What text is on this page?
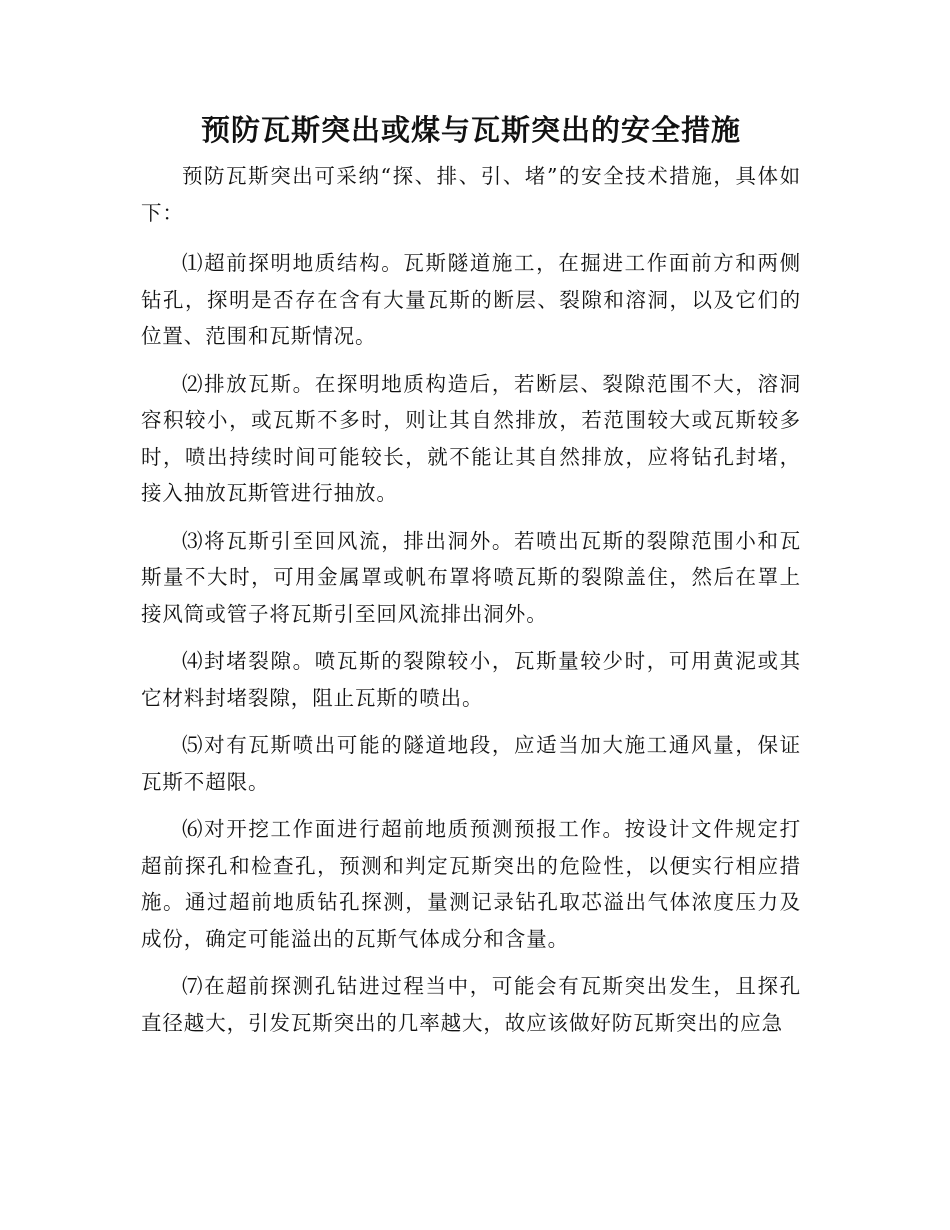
预防瓦斯突出或煤与瓦斯突出的安全措施

预防瓦斯突出可采纳“探、排、引、堵”的安全技术措施，具体如下：

⑴超前探明地质结构。瓦斯隧道施工，在掘进工作面前方和两侧钻孔，探明是否存在含有大量瓦斯的断层、裂隙和溶洞，以及它们的位置、范围和瓦斯情况。

⑵排放瓦斯。在探明地质构造后，若断层、裂隙范围不大，溶洞容积较小，或瓦斯不多时，则让其自然排放，若范围较大或瓦斯较多时，喷出持续时间可能较长，就不能让其自然排放，应将钻孔封堵，接入抽放瓦斯管进行抽放。

⑶将瓦斯引至回风流，排出洞外。若喷出瓦斯的裂隙范围小和瓦斯量不大时，可用金属罩或帆布罩将喷瓦斯的裂隙盖住，然后在罩上接风筒或管子将瓦斯引至回风流排出洞外。

⑷封堵裂隙。喷瓦斯的裂隙较小，瓦斯量较少时，可用黄泥或其它材料封堵裂隙，阻止瓦斯的喷出。

⑸对有瓦斯喷出可能的隧道地段，应适当加大施工通风量，保证瓦斯不超限。

⑹对开挖工作面进行超前地质预测预报工作。按设计文件规定打超前探孔和检查孔，预测和判定瓦斯突出的危险性，以便实行相应措施。通过超前地质钻孔探测，量测记录钻孔取芯溢出气体浓度压力及成份，确定可能溢出的瓦斯气体成分和含量。

⑺在超前探测孔钻进过程当中，可能会有瓦斯突出发生，且探孔直径越大，引发瓦斯突出的几率越大，故应该做好防瓦斯突出的应急
